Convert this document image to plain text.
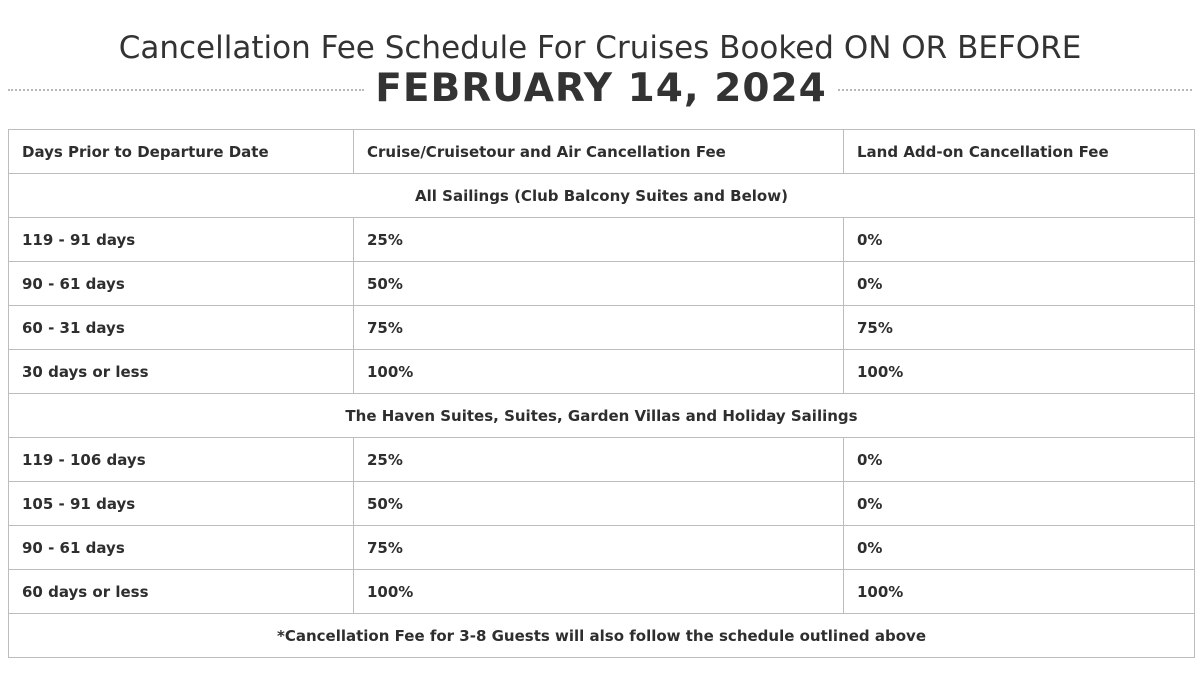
Cancellation Fee Schedule For Cruises Booked ON OR BEFORE
FEBRUARY 14, 2024
Days Prior to Departure Date	Cruise/Cruisetour and Air Cancellation Fee	Land Add-on Cancellation Fee
All Sailings (Club Balcony Suites and Below)		
119 - 91 days	25%	0%
90 - 61 days	50%	0%
60 - 31 days	75%	75%
30 days or less	100%	100%
The Haven Suites, Suites, Garden Villas and Holiday Sailings		
119 - 106 days	25%	0%
105 - 91 days	50%	0%
90 - 61 days	75%	0%
60 days or less	100%	100%
*Cancellation Fee for 3-8 Guests will also follow the schedule outlined above		
